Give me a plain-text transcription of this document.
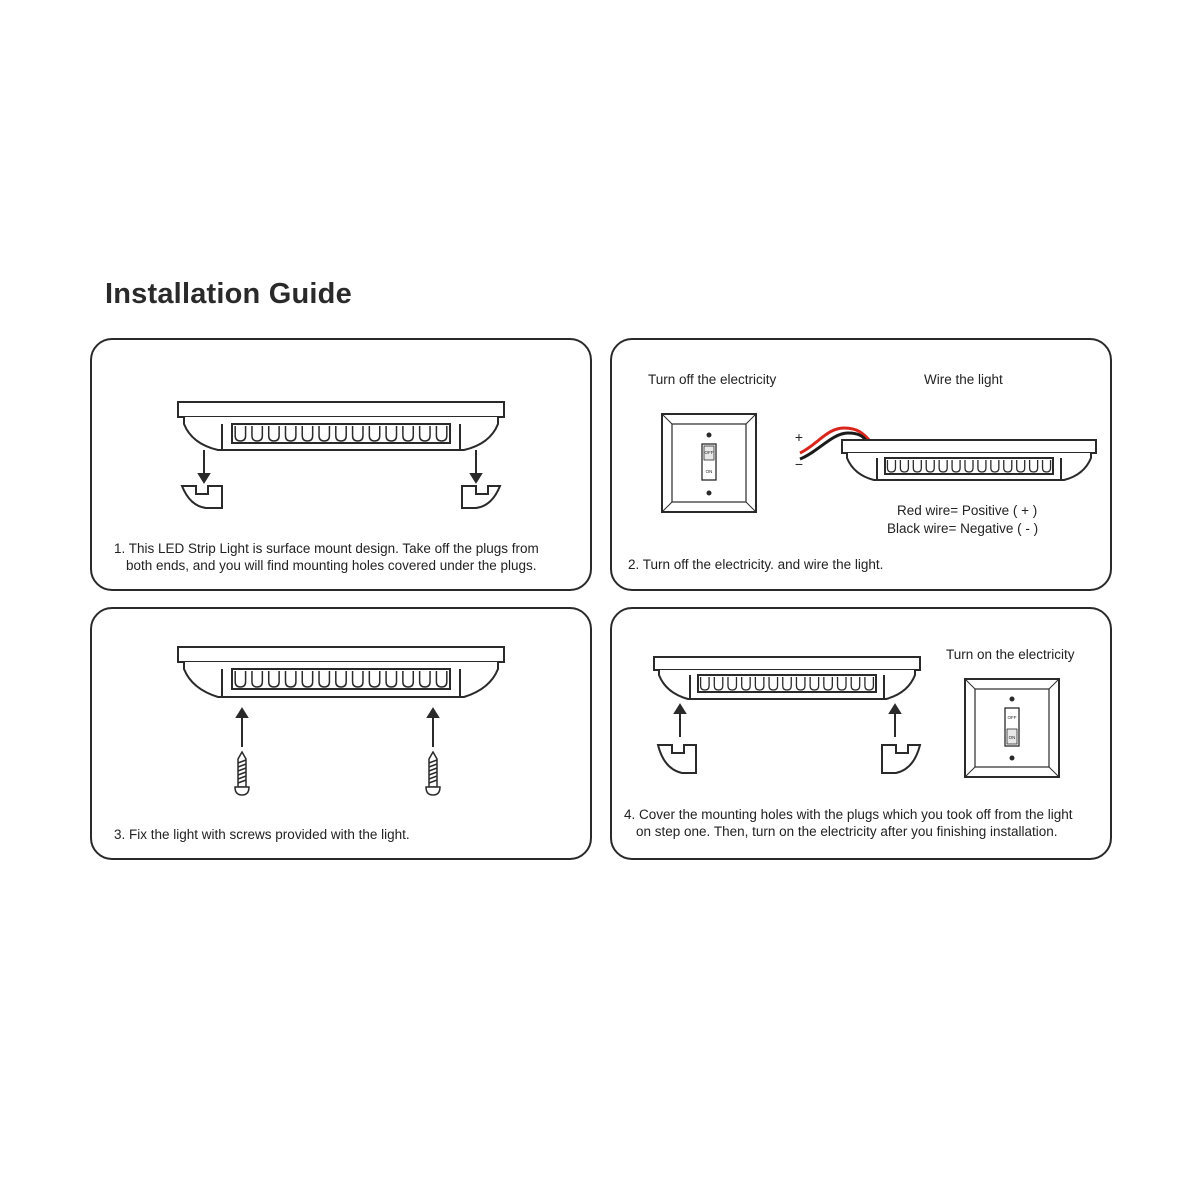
Installation Guide
1. This LED Strip Light is surface mount design. Take off the plugs from
both ends, and you will find mounting holes covered under the plugs.
Turn off the electricity	Wire the light
OFF
ON
+
−
Red wire= Positive ( + )
Black wire= Negative ( - )
2. Turn off the electricity. and wire the light.
3. Fix the light with screws provided with the light.
Turn on the electricity
OFF
ON
4. Cover the mounting holes with the plugs which you took off from the light
on step one. Then, turn on the electricity after you finishing installation.
